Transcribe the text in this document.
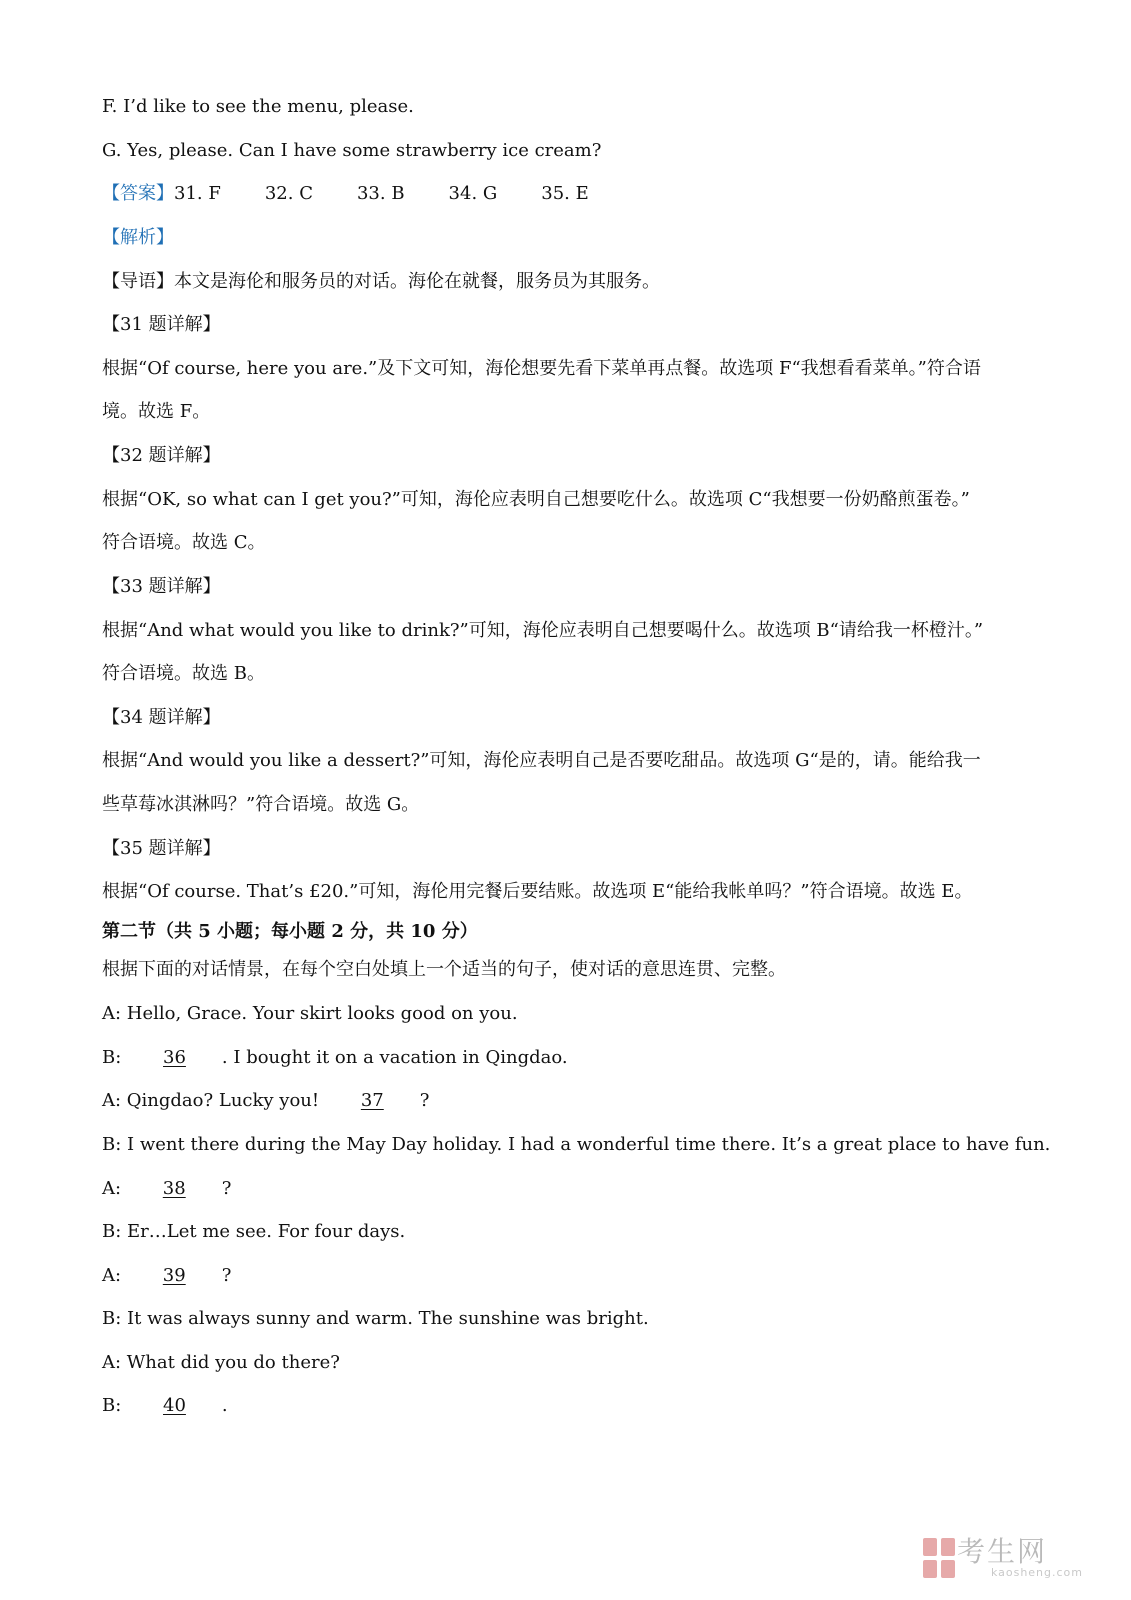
F. I’d like to see the menu, please.
G. Yes, please. Can I have some strawberry ice cream?
【答案】31. F 32. C 33. B 34. G 35. E
【解析】
【导语】本文是海伦和服务员的对话。海伦在就餐，服务员为其服务。
【31 题详解】
根据“Of course, here you are.”及下文可知，海伦想要先看下菜单再点餐。故选项 F“我想看看菜单。”符合语
境。故选 F。
【32 题详解】
根据“OK, so what can I get you?”可知，海伦应表明自己想要吃什么。故选项 C“我想要一份奶酪煎蛋卷。”
符合语境。故选 C。
【33 题详解】
根据“And what would you like to drink?”可知，海伦应表明自己想要喝什么。故选项 B“请给我一杯橙汁。”
符合语境。故选 B。
【34 题详解】
根据“And would you like a dessert?”可知，海伦应表明自己是否要吃甜品。故选项 G“是的，请。能给我一
些草莓冰淇淋吗？”符合语境。故选 G。
【35 题详解】
根据“Of course. That’s £20.”可知，海伦用完餐后要结账。故选项 E“能给我帐单吗？”符合语境。故选 E。
第二节（共 5 小题；每小题 2 分，共 10 分）
根据下面的对话情景，在每个空白处填上一个适当的句子，使对话的意思连贯、完整。
A: Hello, Grace. Your skirt looks good on you.
B: 36 . I bought it on a vacation in Qingdao.
A: Qingdao? Lucky you! 37 ?
B: I went there during the May Day holiday. I had a wonderful time there. It’s a great place to have fun.
A: 38 ?
B: Er…Let me see. For four days.
A: 39 ?
B: It was always sunny and warm. The sunshine was bright.
A: What did you do there?
B: 40 .
考生网
kaosheng.com
